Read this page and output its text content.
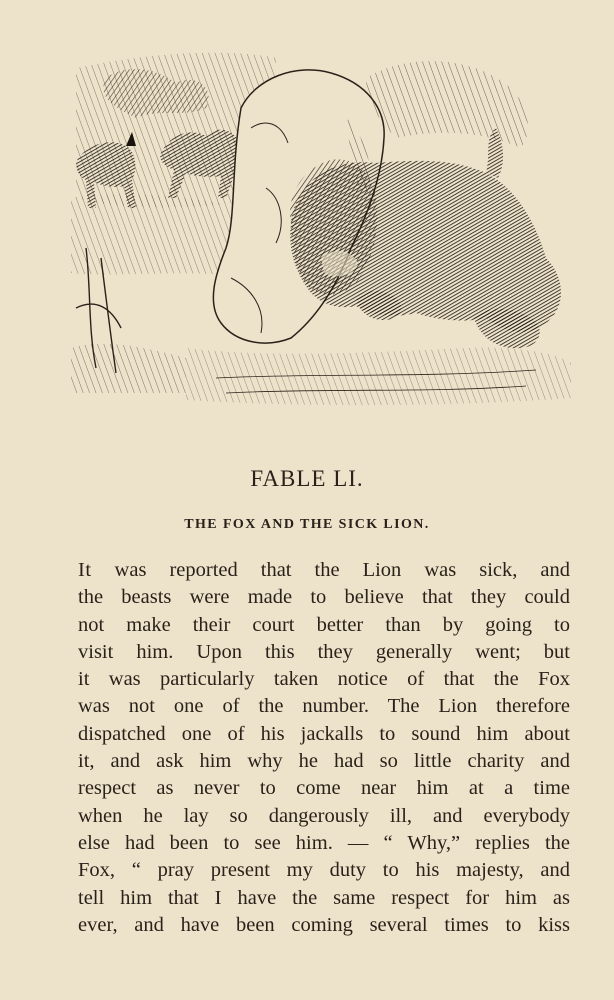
FABLE LI.
THE FOX AND THE SICK LION.
It was reported that the Lion was sick, and
the beasts were made to believe that they could
not make their court better than by going to
visit him. Upon this they generally went; but
it was particularly taken notice of that the Fox
was not one of the number. The Lion therefore
dispatched one of his jackalls to sound him about
it, and ask him why he had so little charity and
respect as never to come near him at a time
when he lay so dangerously ill, and everybody
else had been to see him. — “ Why,” replies the
Fox, “ pray present my duty to his majesty, and
tell him that I have the same respect for him as
ever, and have been coming several times to kiss
